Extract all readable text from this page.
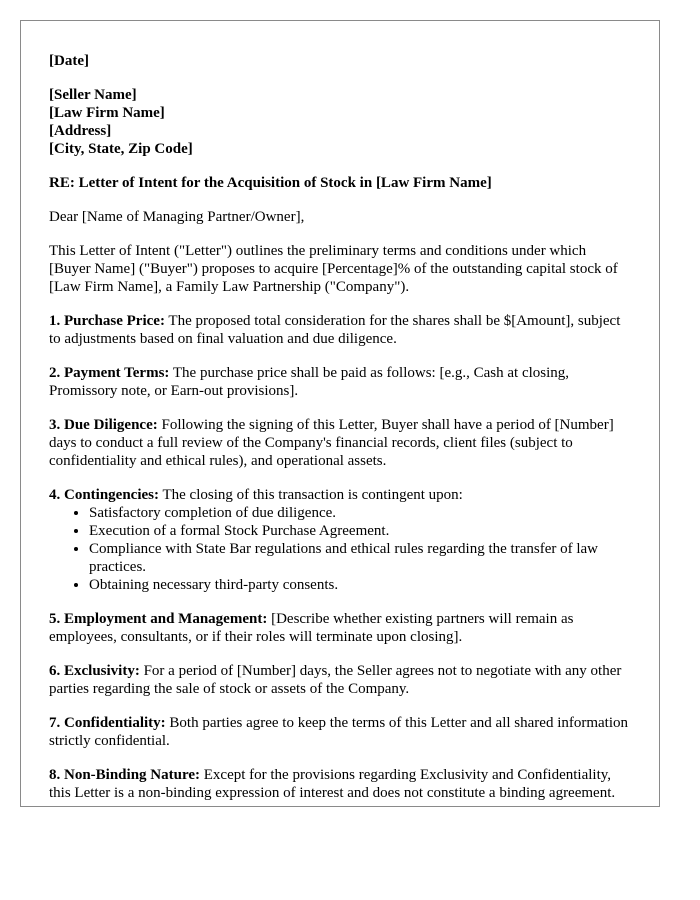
[Date]

[Seller Name]
[Law Firm Name]
[Address]
[City, State, Zip Code]

RE: Letter of Intent for the Acquisition of Stock in [Law Firm Name]

Dear [Name of Managing Partner/Owner],

This Letter of Intent ("Letter") outlines the preliminary terms and conditions under which [Buyer Name] ("Buyer") proposes to acquire [Percentage]% of the outstanding capital stock of [Law Firm Name], a Family Law Partnership ("Company").

1. Purchase Price: The proposed total consideration for the shares shall be $[Amount], subject to adjustments based on final valuation and due diligence.

2. Payment Terms: The purchase price shall be paid as follows: [e.g., Cash at closing, Promissory note, or Earn-out provisions].

3. Due Diligence: Following the signing of this Letter, Buyer shall have a period of [Number] days to conduct a full review of the Company's financial records, client files (subject to confidentiality and ethical rules), and operational assets.

4. Contingencies: The closing of this transaction is contingent upon:

• Satisfactory completion of due diligence.
• Execution of a formal Stock Purchase Agreement.
• Compliance with State Bar regulations and ethical rules regarding the transfer of law practices.
• Obtaining necessary third-party consents.

5. Employment and Management: [Describe whether existing partners will remain as employees, consultants, or if their roles will terminate upon closing].

6. Exclusivity: For a period of [Number] days, the Seller agrees not to negotiate with any other parties regarding the sale of stock or assets of the Company.

7. Confidentiality: Both parties agree to keep the terms of this Letter and all shared information strictly confidential.

8. Non-Binding Nature: Except for the provisions regarding Exclusivity and Confidentiality, this Letter is a non-binding expression of interest and does not constitute a binding agreement.
